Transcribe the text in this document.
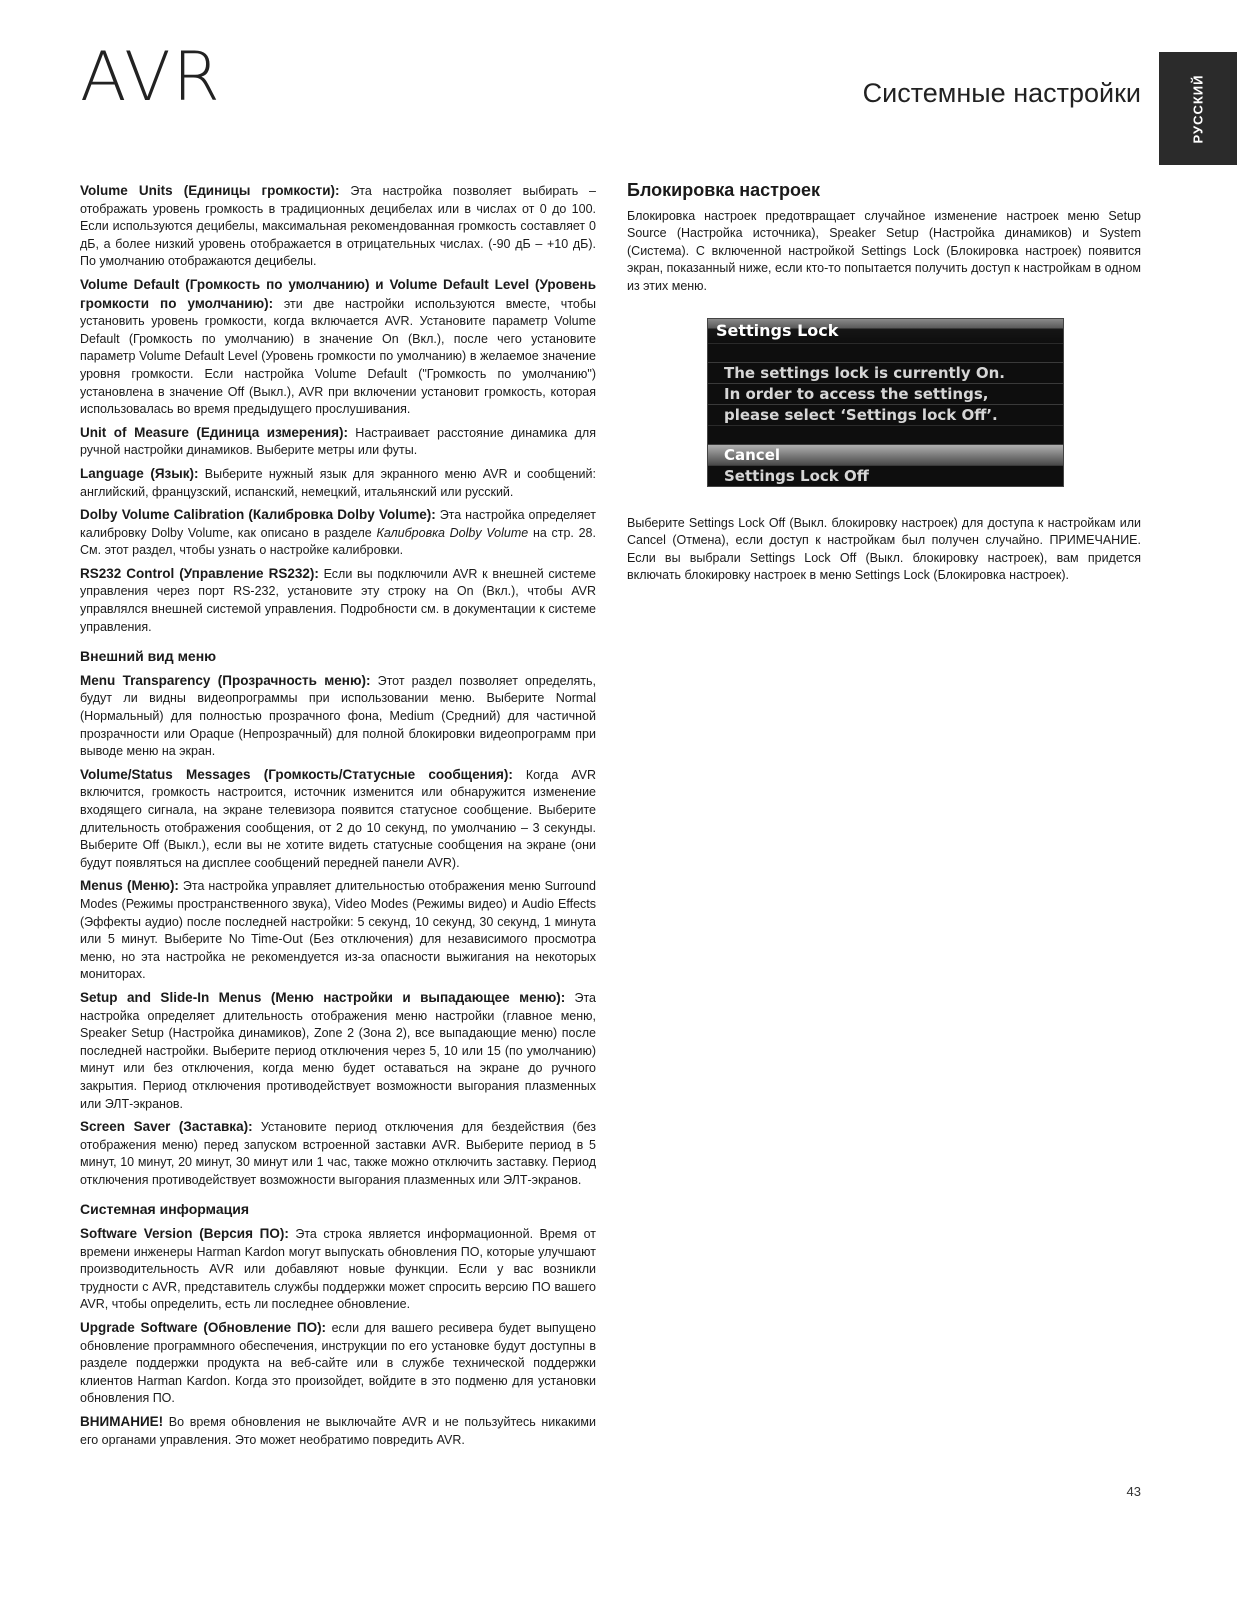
AVR	Системные настройки	РУССКИЙ

Volume Units (Единицы громкости): Эта настройка позволяет выбирать – отображать уровень громкость в традиционных децибелах или в числах от 0 до 100. Если используются децибелы, максимальная рекомендованная громкость составляет 0 дБ, а более низкий уровень отображается в отрицательных числах. (-90 дБ – +10 дБ). По умолчанию отображаются децибелы.

Volume Default (Громкость по умолчанию) и Volume Default Level (Уровень громкости по умолчанию): эти две настройки используются вместе, чтобы установить уровень громкости, когда включается AVR. Установите параметр Volume Default (Громкость по умолчанию) в значение On (Вкл.), после чего установите параметр Volume Default Level (Уровень громкости по умолчанию) в желаемое значение уровня громкости. Если настройка Volume Default ("Громкость по умолчанию") установлена в значение Off (Выкл.), AVR при включении установит громкость, которая использовалась во время предыдущего прослушивания.

Unit of Measure (Единица измерения): Настраивает расстояние динамика для ручной настройки динамиков. Выберите метры или футы.

Language (Язык): Выберите нужный язык для экранного меню AVR и сообщений: английский, французский, испанский, немецкий, итальянский или русский.

Dolby Volume Calibration (Калибровка Dolby Volume): Эта настройка определяет калибровку Dolby Volume, как описано в разделе Калибровка Dolby Volume на стр. 28. См. этот раздел, чтобы узнать о настройке калибровки.

RS232 Control (Управление RS232): Если вы подключили AVR к внешней системе управления через порт RS-232, установите эту строку на On (Вкл.), чтобы AVR управлялся внешней системой управления. Подробности см. в документации к системе управления.

Внешний вид меню

Menu Transparency (Прозрачность меню): Этот раздел позволяет определять, будут ли видны видеопрограммы при использовании меню. Выберите Normal (Нормальный) для полностью прозрачного фона, Medium (Средний) для частичной прозрачности или Opaque (Непрозрачный) для полной блокировки видеопрограмм при выводе меню на экран.

Volume/Status Messages (Громкость/Статусные сообщения): Когда AVR включится, громкость настроится, источник изменится или обнаружится изменение входящего сигнала, на экране телевизора появится статусное сообщение. Выберите длительность отображения сообщения, от 2 до 10 секунд, по умолчанию – 3 секунды. Выберите Off (Выкл.), если вы не хотите видеть статусные сообщения на экране (они будут появляться на дисплее сообщений передней панели AVR).

Menus (Меню): Эта настройка управляет длительностью отображения меню Surround Modes (Режимы пространственного звука), Video Modes (Режимы видео) и Audio Effects (Эффекты аудио) после последней настройки: 5 секунд, 10 секунд, 30 секунд, 1 минута или 5 минут. Выберите No Time-Out (Без отключения) для независимого просмотра меню, но эта настройка не рекомендуется из-за опасности выжигания на некоторых мониторах.

Setup and Slide-In Menus (Меню настройки и выпадающее меню): Эта настройка определяет длительность отображения меню настройки (главное меню, Speaker Setup (Настройка динамиков), Zone 2 (Зона 2), все выпадающие меню) после последней настройки. Выберите период отключения через 5, 10 или 15 (по умолчанию) минут или без отключения, когда меню будет оставаться на экране до ручного закрытия. Период отключения противодействует возможности выгорания плазменных или ЭЛТ-экранов.

Screen Saver (Заставка): Установите период отключения для бездействия (без отображения меню) перед запуском встроенной заставки AVR. Выберите период в 5 минут, 10 минут, 20 минут, 30 минут или 1 час, также можно отключить заставку. Период отключения противодействует возможности выгорания плазменных или ЭЛТ-экранов.

Системная информация

Software Version (Версия ПО): Эта строка является информационной. Время от времени инженеры Harman Kardon могут выпускать обновления ПО, которые улучшают производительность AVR или добавляют новые функции. Если у вас возникли трудности с AVR, представитель службы поддержки может спросить версию ПО вашего AVR, чтобы определить, есть ли последнее обновление.

Upgrade Software (Обновление ПО): если для вашего ресивера будет выпущено обновление программного обеспечения, инструкции по его установке будут доступны в разделе поддержки продукта на веб-сайте или в службе технической поддержки клиентов Harman Kardon. Когда это произойдет, войдите в это подменю для установки обновления ПО.

ВНИМАНИЕ! Во время обновления не выключайте AVR и не пользуйтесь никакими его органами управления. Это может необратимо повредить AVR.

Блокировка настроек

Блокировка настроек предотвращает случайное изменение настроек меню Setup Source (Настройка источника), Speaker Setup (Настройка динамиков) и System (Система). С включенной настройкой Settings Lock (Блокировка настроек) появится экран, показанный ниже, если кто-то попытается получить доступ к настройкам в одном из этих меню.

Settings Lock
The settings lock is currently On.
In order to access the settings,
please select ‘Settings lock Off’.
Cancel
Settings Lock Off

Выберите Settings Lock Off (Выкл. блокировку настроек) для доступа к настройкам или Cancel (Отмена), если доступ к настройкам был получен случайно. ПРИМЕЧАНИЕ. Если вы выбрали Settings Lock Off (Выкл. блокировку настроек), вам придется включать блокировку настроек в меню Settings Lock (Блокировка настроек).

43
